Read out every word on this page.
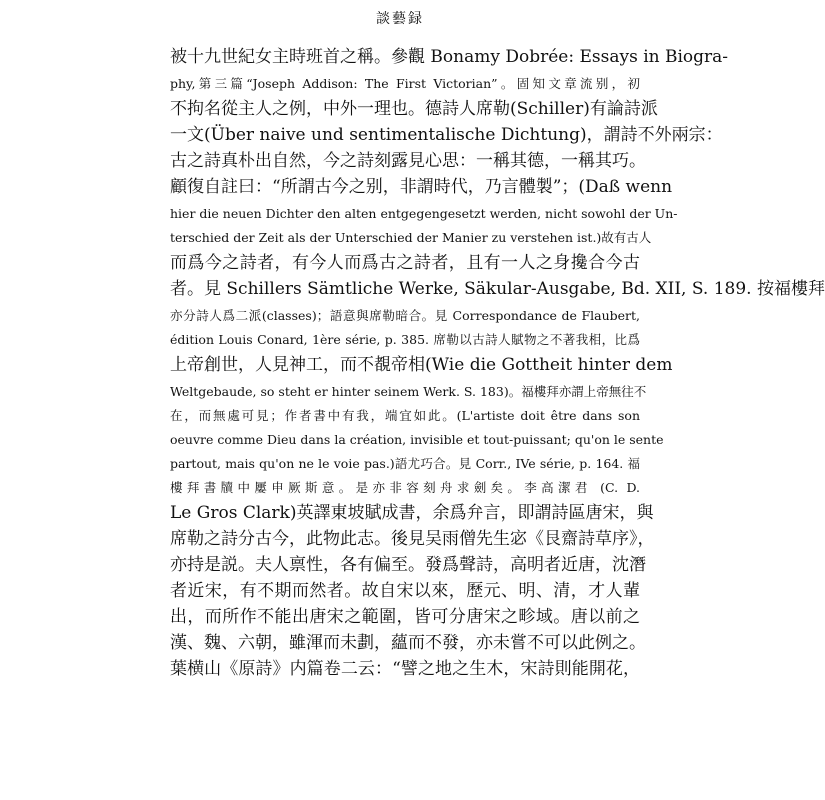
談藝録
被十九世紀女主時班首之稱。參觀 Bonamy Dobrée: Essays in Biogra-
phy,第三篇“Joseph Addison: The First Victorian”。固知文章流别，初
不拘名從主人之例，中外一理也。德詩人席勒(Schiller)有論詩派
一文(Über naive und sentimentalische Dichtung)，謂詩不外兩宗：
古之詩真朴出自然，今之詩刻露見心思：一稱其德，一稱其巧。
顧復自註曰：“所謂古今之别，非謂時代，乃言體製”；(Daß wenn
hier die neuen Dichter den alten entgegengesetzt werden, nicht sowohl der Un-
terschied der Zeit als der Unterschied der Manier zu verstehen ist.)故有古人
而爲今之詩者，有今人而爲古之詩者，且有一人之身攙合今古
者。見 Schillers Sämtliche Werke, Säkular-Ausgabe, Bd. XII, S. 189. 按福樓拜
亦分詩人爲二派(classes)；語意與席勒暗合。見 Correspondance de Flaubert,
édition Louis Conard, 1ère série, p. 385. 席勒以古詩人賦物之不著我相，比爲
上帝創世，人見神工，而不覩帝相(Wie die Gottheit hinter dem
Weltgebaude, so steht er hinter seinem Werk. S. 183)。福樓拜亦謂上帝無往不
在，而無處可見；作者書中有我，端宜如此。(L'artiste doit être dans son
oeuvre comme Dieu dans la création, invisible et tout-puissant; qu'on le sente
partout, mais qu'on ne le voie pas.)語尤巧合。見 Corr., IVe série, p. 164. 福
樓拜書牘中屢申厥斯意。是亦非容刻舟求劍矣。李高潔君 (C. D.
Le Gros Clark)英譯東坡賦成書，余爲弁言，即謂詩區唐宋，與
席勒之詩分古今，此物此志。後見吴雨僧先生宓《艮齋詩草序》，
亦持是説。夫人禀性，各有偏至。發爲聲詩，高明者近唐，沈潛
者近宋，有不期而然者。故自宋以來，歷元、明、清，才人輩
出，而所作不能出唐宋之範圍，皆可分唐宋之畛域。唐以前之
漢、魏、六朝，雖渾而未劃，蘊而不發，亦未嘗不可以此例之。
葉横山《原詩》内篇卷二云：“譬之地之生木，宋詩則能開花，
